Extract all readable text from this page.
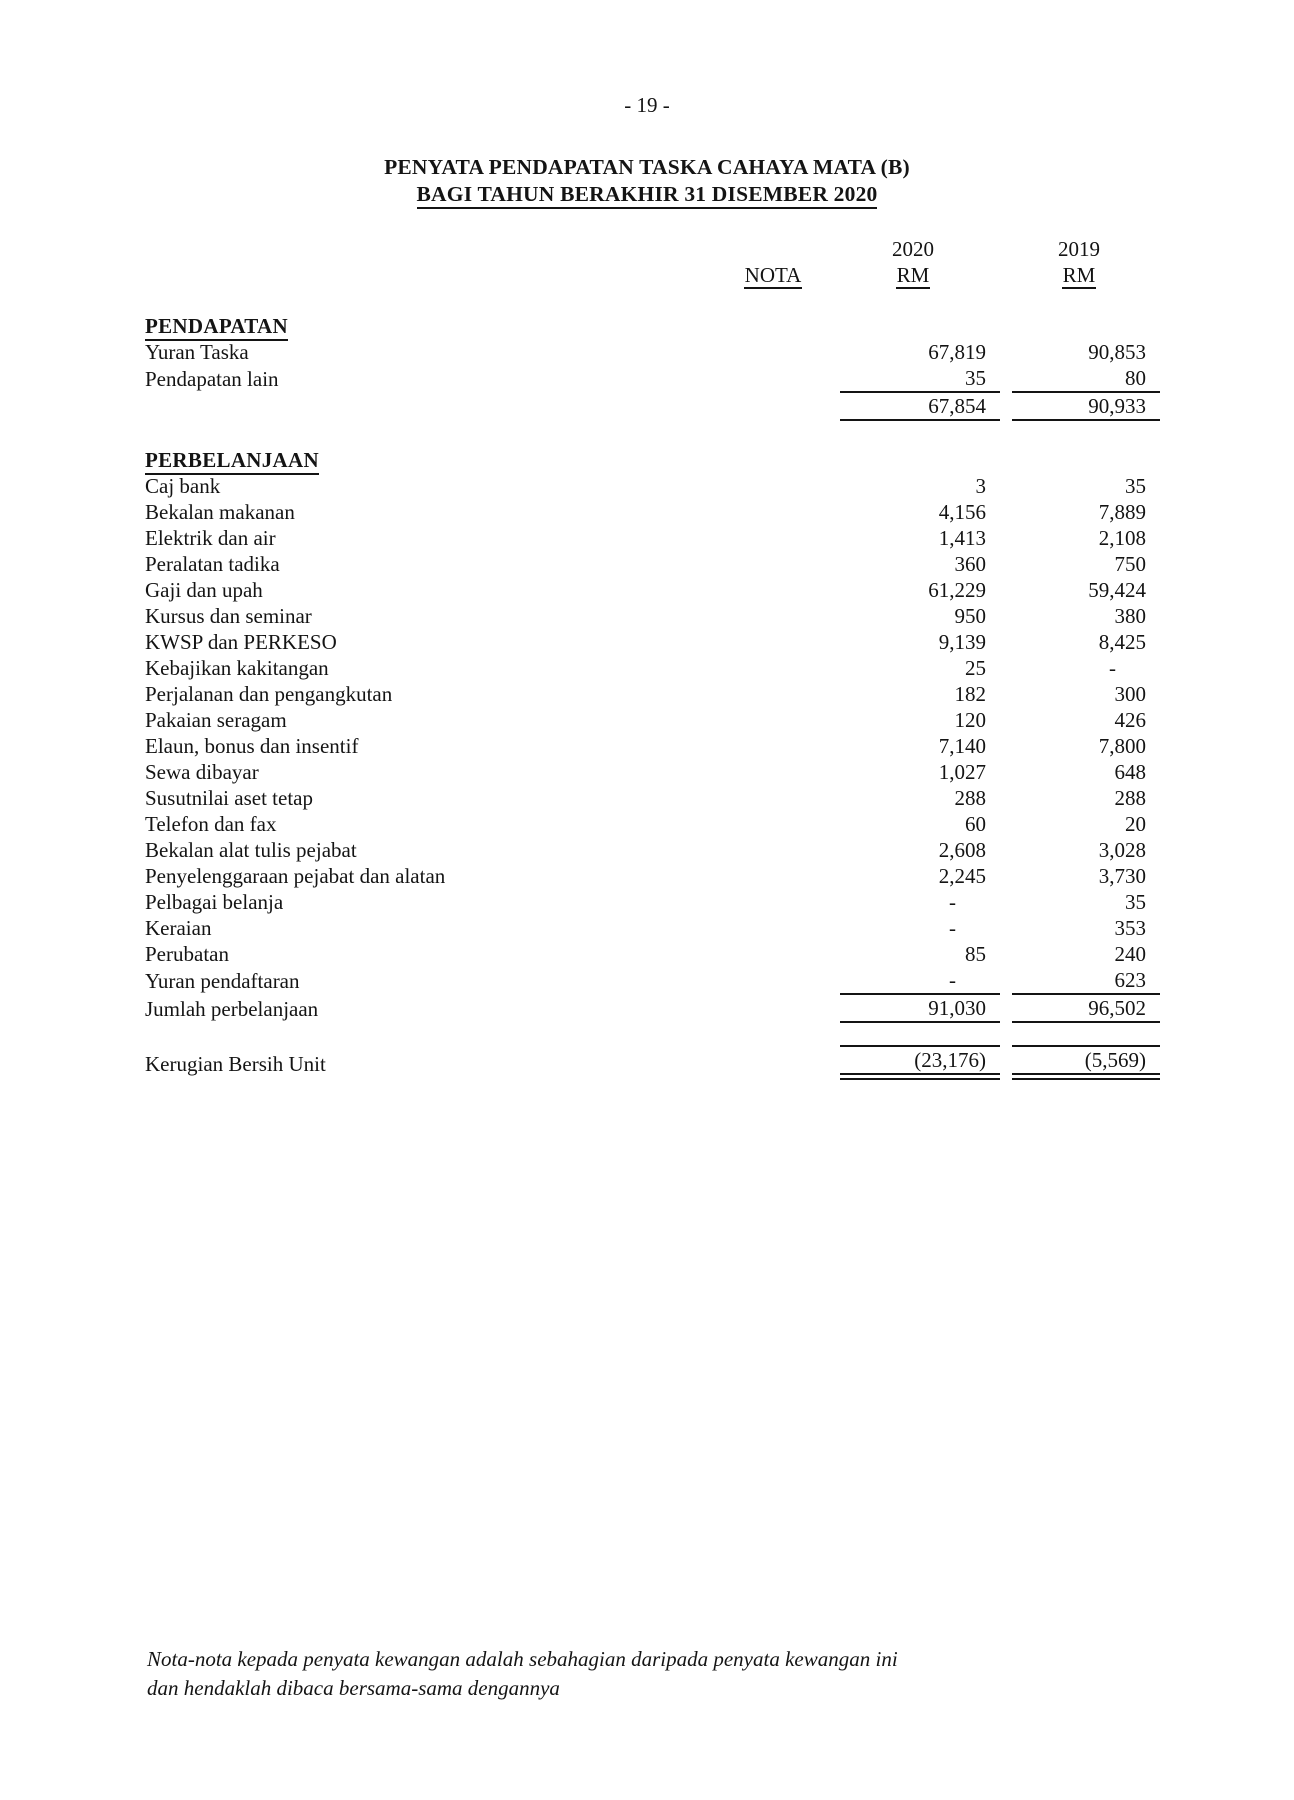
- 19 -
PENYATA PENDAPATAN TASKA CAHAYA MATA (B)
BAGI TAHUN BERAKHIR 31 DISEMBER 2020
		2020		2019
	NOTA	RM		RM

PENDAPATAN				
Yuran Taska		67,819		90,853
Pendapatan lain		35		80
		67,854		90,933

PERBELANJAAN				
Caj bank		3		35
Bekalan makanan		4,156		7,889
Elektrik dan air		1,413		2,108
Peralatan tadika		360		750
Gaji dan upah		61,229		59,424
Kursus dan seminar		950		380
KWSP dan PERKESO		9,139		8,425
Kebajikan kakitangan		25		-
Perjalanan dan pengangkutan		182		300
Pakaian seragam		120		426
Elaun, bonus dan insentif		7,140		7,800
Sewa dibayar		1,027		648
Susutnilai aset tetap		288		288
Telefon dan fax		60		20
Bekalan alat tulis pejabat		2,608		3,028
Penyelenggaraan pejabat dan alatan		2,245		3,730
Pelbagai belanja		-		35
Keraian		-		353
Perubatan		85		240
Yuran pendaftaran		-		623
Jumlah perbelanjaan		91,030		96,502

Kerugian Bersih Unit		(23,176)		(5,569)
Nota-nota kepada penyata kewangan adalah sebahagian daripada penyata kewangan ini
dan hendaklah dibaca bersama-sama dengannya
